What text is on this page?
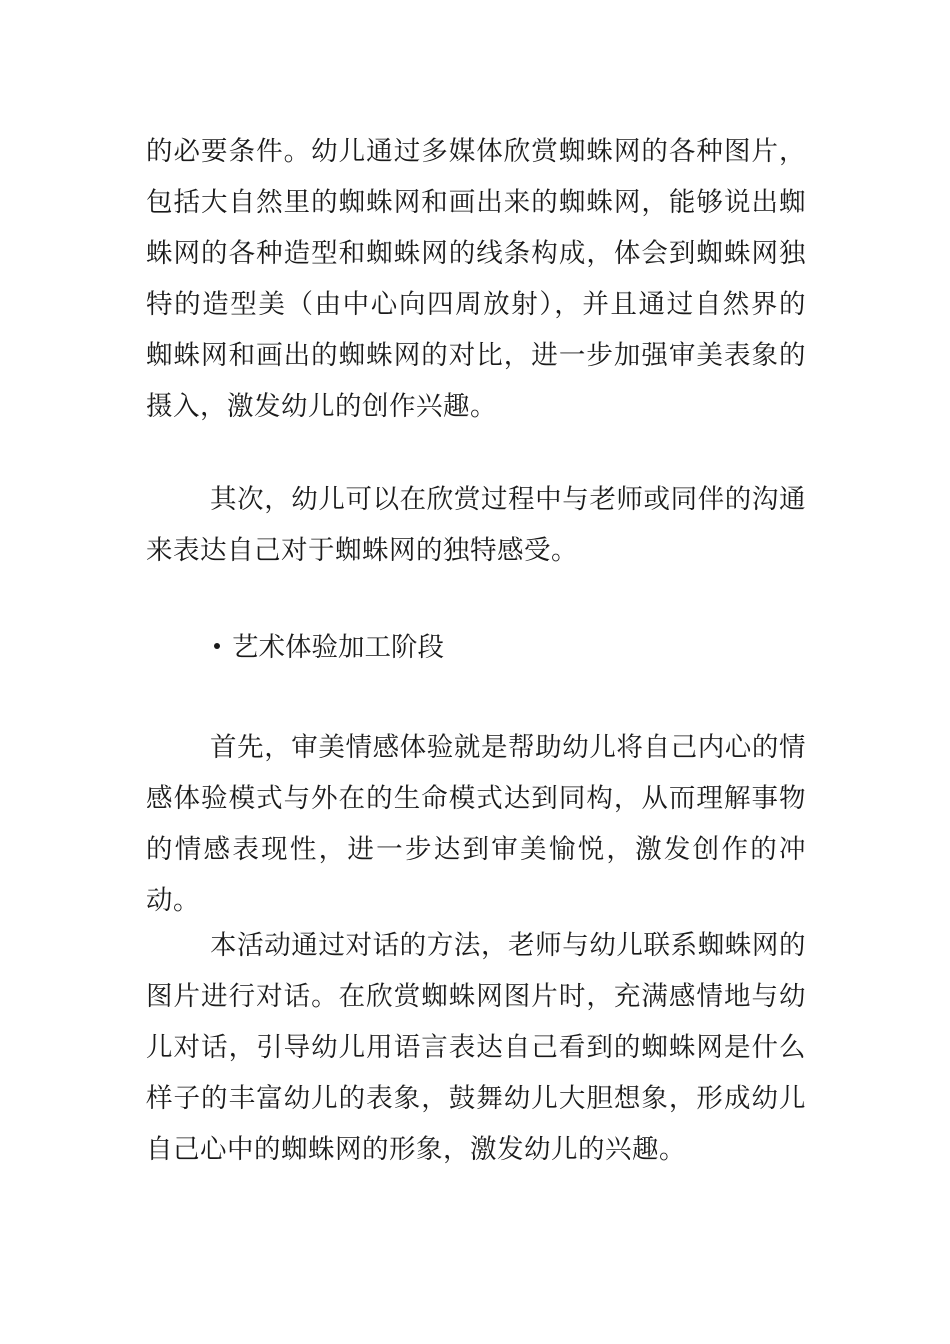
的必要条件。幼儿通过多媒体欣赏蜘蛛网的各种图片，包括大自然里的蜘蛛网和画出来的蜘蛛网，能够说出蜘蛛网的各种造型和蜘蛛网的线条构成，体会到蜘蛛网独特的造型美（由中心向四周放射），并且通过自然界的蜘蛛网和画出的蜘蛛网的对比，进一步加强审美表象的摄入，激发幼儿的创作兴趣。

其次，幼儿可以在欣赏过程中与老师或同伴的沟通来表达自己对于蜘蛛网的独特感受。

艺术体验加工阶段

首先，审美情感体验就是帮助幼儿将自己内心的情感体验模式与外在的生命模式达到同构，从而理解事物的情感表现性，进一步达到审美愉悦，激发创作的冲动。

本活动通过对话的方法，老师与幼儿联系蜘蛛网的图片进行对话。在欣赏蜘蛛网图片时，充满感情地与幼儿对话，引导幼儿用语言表达自己看到的蜘蛛网是什么样子的丰富幼儿的表象，鼓舞幼儿大胆想象，形成幼儿自己心中的蜘蛛网的形象，激发幼儿的兴趣。
